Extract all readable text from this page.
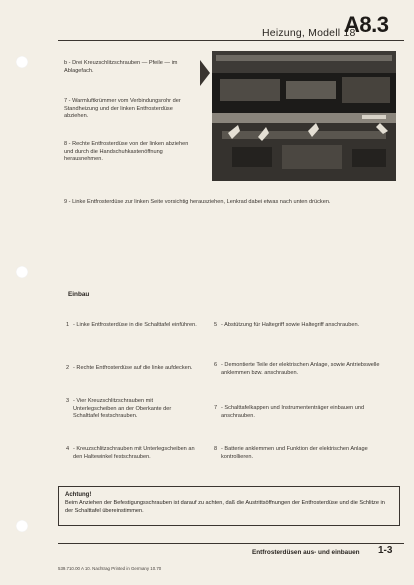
Heizung, Modell 18
A8.3
b - Drei Kreuzschlitzschrauben — Pfeile — im Ablagefach.
7 - Warmluftkrümmer vom Verbindungsrohr der Standheizung und der linken Entfrosterdüse abziehen.
8 - Rechte Entfrosterdüse von der linken abziehen und durch die Handschuhkastenöffnung herausnehmen.
9 - Linke Entfrosterdüse zur linken Seite vorsichtig herausziehen, Lenkrad dabei etwas nach unten drücken.
III
Einbau
1 - Linke Entfrosterdüse in die Schalttafel einführen.
2 - Rechte Entfrosterdüse auf die linke aufdecken.
3 - Vier Kreuzschlitzschrauben mit Unterlegscheiben an der Oberkante der Schalttafel festschrauben.
4 - Kreuzschlitzschrauben mit Unterlegscheiben an den Haltewinkel festschrauben.
5 - Abstützung für Haltegriff sowie Haltegriff anschrauben.
6 - Demontierte Teile der elektrischen Anlage, sowie Antriebswelle anklemmen bzw. anschrauben.
7 - Schalttafelkappen und Instrumententräger einbauen und anschrauben.
8 - Batterie anklemmen und Funktion der elektrischen Anlage kontrollieren.
Achtung!
Beim Anziehen der Befestigungsschrauben ist darauf zu achten, daß die Austrittsöffnungen der Entfrosterdüse und die Schlitze in der Schalttafel übereinstimmen.
Entfrosterdüsen aus- und einbauen 1-3
539.710.00 A 10. Nachtrag Printed in Germany 10.70
